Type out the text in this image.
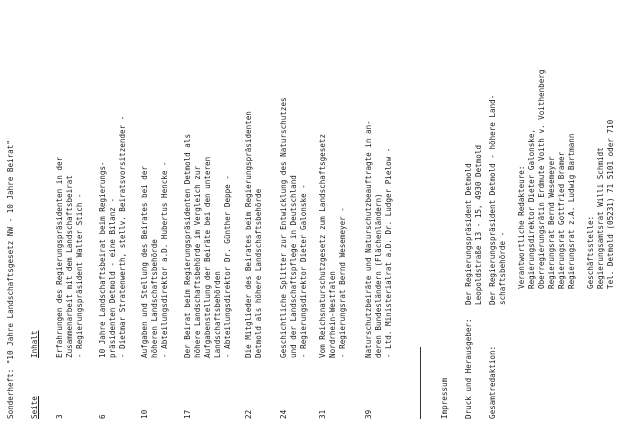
Sonderheft: "10 Jahre Landschaftsgesetz NW - 10 Jahre Beirat" Seite
Inhalt
3
Erfahrungen des Regierungspräsidenten in der Zusammenarbeit mit dem Landschaftsbeirat - Regierungspräsident Walter Stich -
6
10 Jahre Landschaftsbeirat beim Regierungs- präsidenten Detmold - eine Bilanz - - Dietmar Stratenwerth, stellv. Beiratsvorsitzender -
10
Aufgaben und Stellung des Beirates bei der höheren Landschaftsbehörde - Abteilungsdirektor a.D. Hubertus Hencke -
17
Der Beirat beim Regierungspräsidenten Detmold als höhere Landschaftsbehörde im Vergleich zur Aufgabenstellung der Beiräte bei den unteren Landschaftsbehörden - Abteilungsdirektor Dr. Günther Deppe -
22
Die Mitglieder des Beirates beim Regierungspräsidenten Detmold als höhere Landschaftsbehörde
24
Geschichtliche Splitter zur Entwicklung des Naturschutzes und der Landschaftspflege in Deutschland - Regierungsdirektor Dieter Galonske -
31
Vom Reichsnaturschutzgesetz zum Landschaftsgesetz Nordrhein-Westfalen - Regierungsrat Bernd Wesemeyer -
39
Naturschutzbeiräte und Naturschutzbeauftragte in an- deren Bundesländern (Flächenländern) - Ltd. Ministerialrat a.D. Dr. Ludger Pielow -
Impressum Druck und Herausgeber:
Der Regierungspräsident Detmold Leopoldstraße 13 - 15, 4930 Detmold
Gesamtredaktion:
Der Regierungspräsident Detmold - höhere Land- schaftsbehörde - Verantwortliche Redakteure: Regierungsdirektor Dieter Galonske, Oberregierungsrätin Erdmute Voith v. Voithenberg Regierungsrat Bernd Wesemeyer Regierungsrat Gottfried Bramer Regierungsrat z.A. Ludwig Bartmann Geschäftsstelle: Regierungsamtsrat Willi Schmidt Tel. Detmold (05231) 71 5101 oder 710
